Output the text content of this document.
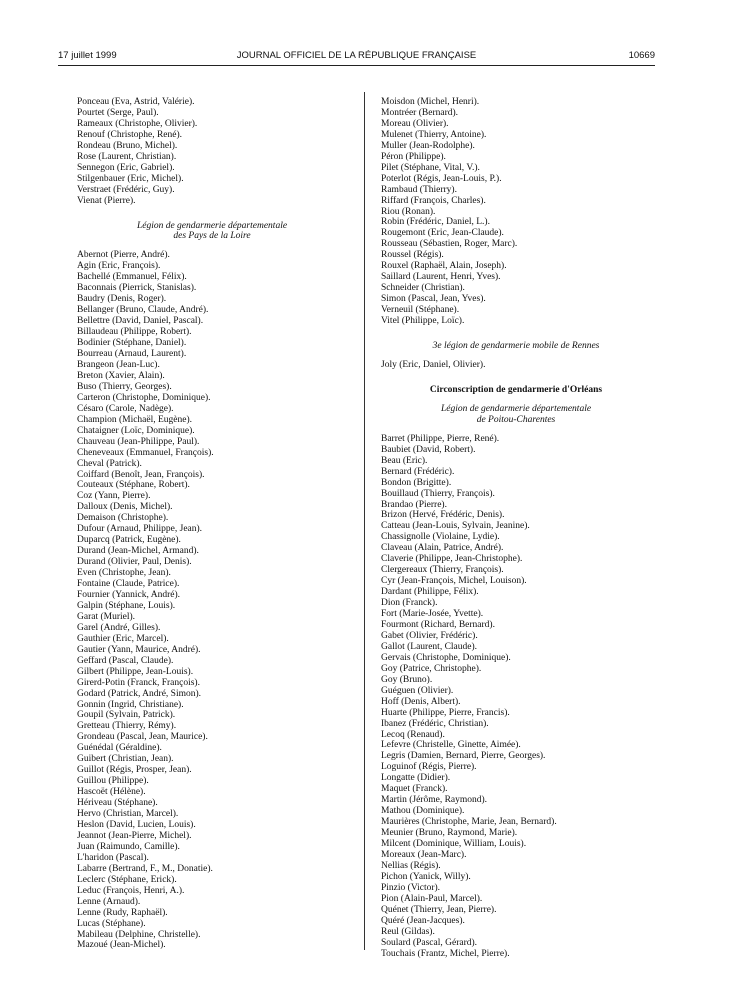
17 juillet 1999	JOURNAL OFFICIEL DE LA RÉPUBLIQUE FRANÇAISE	10669

Ponceau (Eva, Astrid, Valérie).

Pourtet (Serge, Paul).

Rameaux (Christophe, Olivier).

Renouf (Christophe, René).

Rondeau (Bruno, Michel).

Rose (Laurent, Christian).

Sennegon (Eric, Gabriel).

Stilgenbauer (Eric, Michel).

Verstraet (Frédéric, Guy).

Vienat (Pierre).

Légion de gendarmerie départementale

des Pays de la Loire

Abernot (Pierre, André).

Agin (Eric, François).

Bachellé (Emmanuel, Félix).

Baconnais (Pierrick, Stanislas).

Baudry (Denis, Roger).

Bellanger (Bruno, Claude, André).

Bellettre (David, Daniel, Pascal).

Billaudeau (Philippe, Robert).

Bodinier (Stéphane, Daniel).

Bourreau (Arnaud, Laurent).

Brangeon (Jean-Luc).

Breton (Xavier, Alain).

Buso (Thierry, Georges).

Carteron (Christophe, Dominique).

Césaro (Carole, Nadège).

Champion (Michaël, Eugène).

Chataigner (Loïc, Dominique).

Chauveau (Jean-Philippe, Paul).

Cheneveaux (Emmanuel, François).

Cheval (Patrick).

Coiffard (Benoît, Jean, François).

Couteaux (Stéphane, Robert).

Coz (Yann, Pierre).

Dalloux (Denis, Michel).

Demaison (Christophe).

Dufour (Arnaud, Philippe, Jean).

Duparcq (Patrick, Eugène).

Durand (Jean-Michel, Armand).

Durand (Olivier, Paul, Denis).

Even (Christophe, Jean).

Fontaine (Claude, Patrice).

Fournier (Yannick, André).

Galpin (Stéphane, Louis).

Garat (Muriel).

Garel (André, Gilles).

Gauthier (Eric, Marcel).

Gautier (Yann, Maurice, André).

Geffard (Pascal, Claude).

Gilbert (Philippe, Jean-Louis).

Girerd-Potin (Franck, François).

Godard (Patrick, André, Simon).

Gonnin (Ingrid, Christiane).

Goupil (Sylvain, Patrick).

Gretteau (Thierry, Rémy).

Grondeau (Pascal, Jean, Maurice).

Guénédal (Géraldine).

Guibert (Christian, Jean).

Guillot (Régis, Prosper, Jean).

Guillou (Philippe).

Hascoët (Hélène).

Hériveau (Stéphane).

Hervo (Christian, Marcel).

Heslon (David, Lucien, Louis).

Jeannot (Jean-Pierre, Michel).

Juan (Raimundo, Camille).

L'haridon (Pascal).

Labarre (Bertrand, F., M., Donatie).

Leclerc (Stéphane, Erick).

Leduc (François, Henri, A.).

Lenne (Arnaud).

Lenne (Rudy, Raphaël).

Lucas (Stéphane).

Mabileau (Delphine, Christelle).

Mazoué (Jean-Michel).

Moisdon (Michel, Henri).

Montréer (Bernard).

Moreau (Olivier).

Mulenet (Thierry, Antoine).

Muller (Jean-Rodolphe).

Péron (Philippe).

Pilet (Stéphane, Vital, V.).

Poterlot (Régis, Jean-Louis, P.).

Rambaud (Thierry).

Riffard (François, Charles).

Riou (Ronan).

Robin (Frédéric, Daniel, L.).

Rougemont (Eric, Jean-Claude).

Rousseau (Sébastien, Roger, Marc).

Roussel (Régis).

Rouxel (Raphaël, Alain, Joseph).

Saillard (Laurent, Henri, Yves).

Schneider (Christian).

Simon (Pascal, Jean, Yves).

Verneuil (Stéphane).

Vitel (Philippe, Loïc).

3e légion de gendarmerie mobile de Rennes

Joly (Eric, Daniel, Olivier).

Circonscription de gendarmerie d'Orléans

Légion de gendarmerie départementale

de Poitou-Charentes

Barret (Philippe, Pierre, René).

Baubiet (David, Robert).

Beau (Eric).

Bernard (Frédéric).

Bondon (Brigitte).

Bouillaud (Thierry, François).

Brandao (Pierre).

Brizon (Hervé, Frédéric, Denis).

Catteau (Jean-Louis, Sylvain, Jeanine).

Chassignolle (Violaine, Lydie).

Claveau (Alain, Patrice, André).

Claverie (Philippe, Jean-Christophe).

Clergereaux (Thierry, François).

Cyr (Jean-François, Michel, Louison).

Dardant (Philippe, Félix).

Dion (Franck).

Fort (Marie-Josée, Yvette).

Fourmont (Richard, Bernard).

Gabet (Olivier, Frédéric).

Gallot (Laurent, Claude).

Gervais (Christophe, Dominique).

Goy (Patrice, Christophe).

Goy (Bruno).

Guéguen (Olivier).

Hoff (Denis, Albert).

Huarte (Philippe, Pierre, Francis).

Ibanez (Frédéric, Christian).

Lecoq (Renaud).

Lefevre (Christelle, Ginette, Aimée).

Legris (Damien, Bernard, Pierre, Georges).

Loguinof (Régis, Pierre).

Longatte (Didier).

Maquet (Franck).

Martin (Jérôme, Raymond).

Mathou (Dominique).

Maurières (Christophe, Marie, Jean, Bernard).

Meunier (Bruno, Raymond, Marie).

Milcent (Dominique, William, Louis).

Moreaux (Jean-Marc).

Nellias (Régis).

Pichon (Yanick, Willy).

Pinzio (Victor).

Pion (Alain-Paul, Marcel).

Quénet (Thierry, Jean, Pierre).

Quéré (Jean-Jacques).

Reul (Gildas).

Soulard (Pascal, Gérard).

Touchais (Frantz, Michel, Pierre).
